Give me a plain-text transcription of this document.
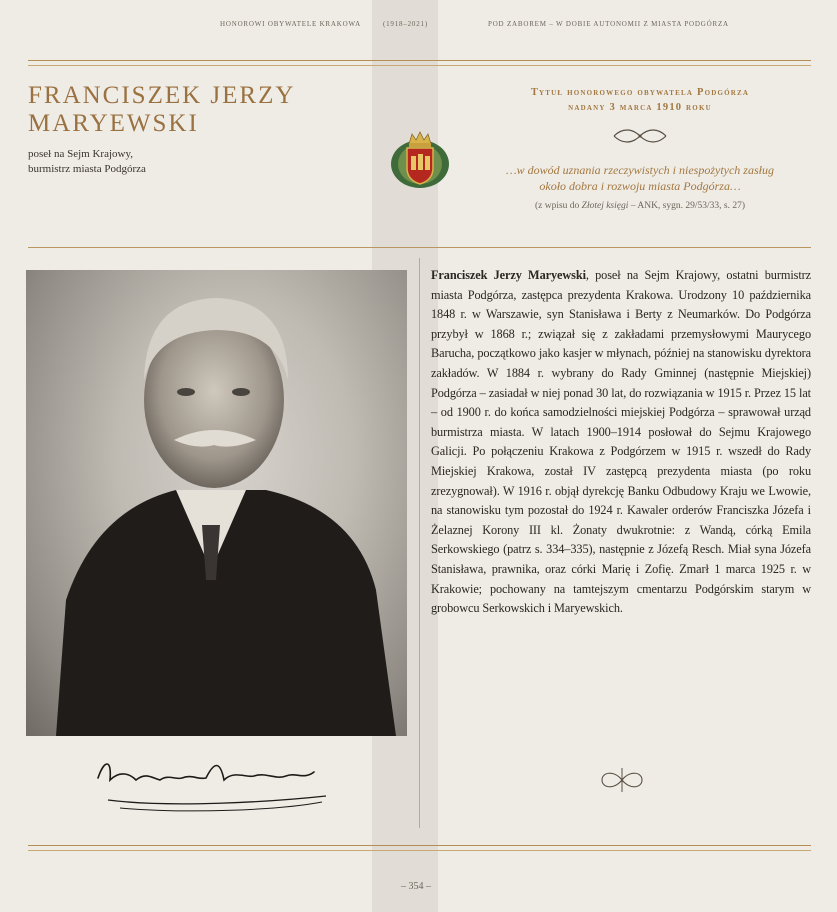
HONOROWI OBYWATELE KRAKOWA	(1918–2021)	POD ZABOREM – W DOBIE AUTONOMII Z MIASTA PODGÓRZA
FRANCISZEK JERZY
MARYEWSKI
poseł na Sejm Krajowy,
burmistrz miasta Podgórza
Tytuł honorowego obywatela Podgórza
nadany 3 marca 1910 roku
…w dowód uznania rzeczywistych i niespożytych zasług
około dobra i rozwoju miasta Podgórza…
(z wpisu do Złotej księgi – ANK, sygn. 29/53/33, s. 27)
Franciszek Jerzy Maryewski, poseł na Sejm Krajowy, ostatni burmistrz miasta Podgórza, zastępca prezydenta Krakowa. Urodzony 10 października 1848 r. w Warszawie, syn Stanisława i Berty z Neumarków. Do Podgórza przybył w 1868 r.; związał się z zakładami przemysłowymi Maurycego Barucha, początkowo jako kasjer w młynach, później na stanowisku dyrektora zakładów. W 1884 r. wybrany do Rady Gminnej (następnie Miejskiej) Podgórza – zasiadał w niej ponad 30 lat, do rozwiązania w 1915 r. Przez 15 lat – od 1900 r. do końca samodzielności miejskiej Podgórza – sprawował urząd burmistrza miasta. W latach 1900–1914 posłował do Sejmu Krajowego Galicji. Po połączeniu Krakowa z Podgórzem w 1915 r. wszedł do Rady Miejskiej Krakowa, został IV zastępcą prezydenta miasta (po roku zrezygnował). W 1916 r. objął dyrekcję Banku Odbudowy Kraju we Lwowie, na stanowisku tym pozostał do 1924 r. Kawaler orderów Franciszka Józefa i Żelaznej Korony III kl. Żonaty dwukrotnie: z Wandą, córką Emila Serkowskiego (patrz s. 334–335), następnie z Józefą Resch. Miał syna Józefa Stanisława, prawnika, oraz córki Marię i Zofię. Zmarł 1 marca 1925 r. w Krakowie; pochowany na tamtejszym cmentarzu Podgórskim starym w grobowcu Serkowskich i Maryewskich.
– 354 –
